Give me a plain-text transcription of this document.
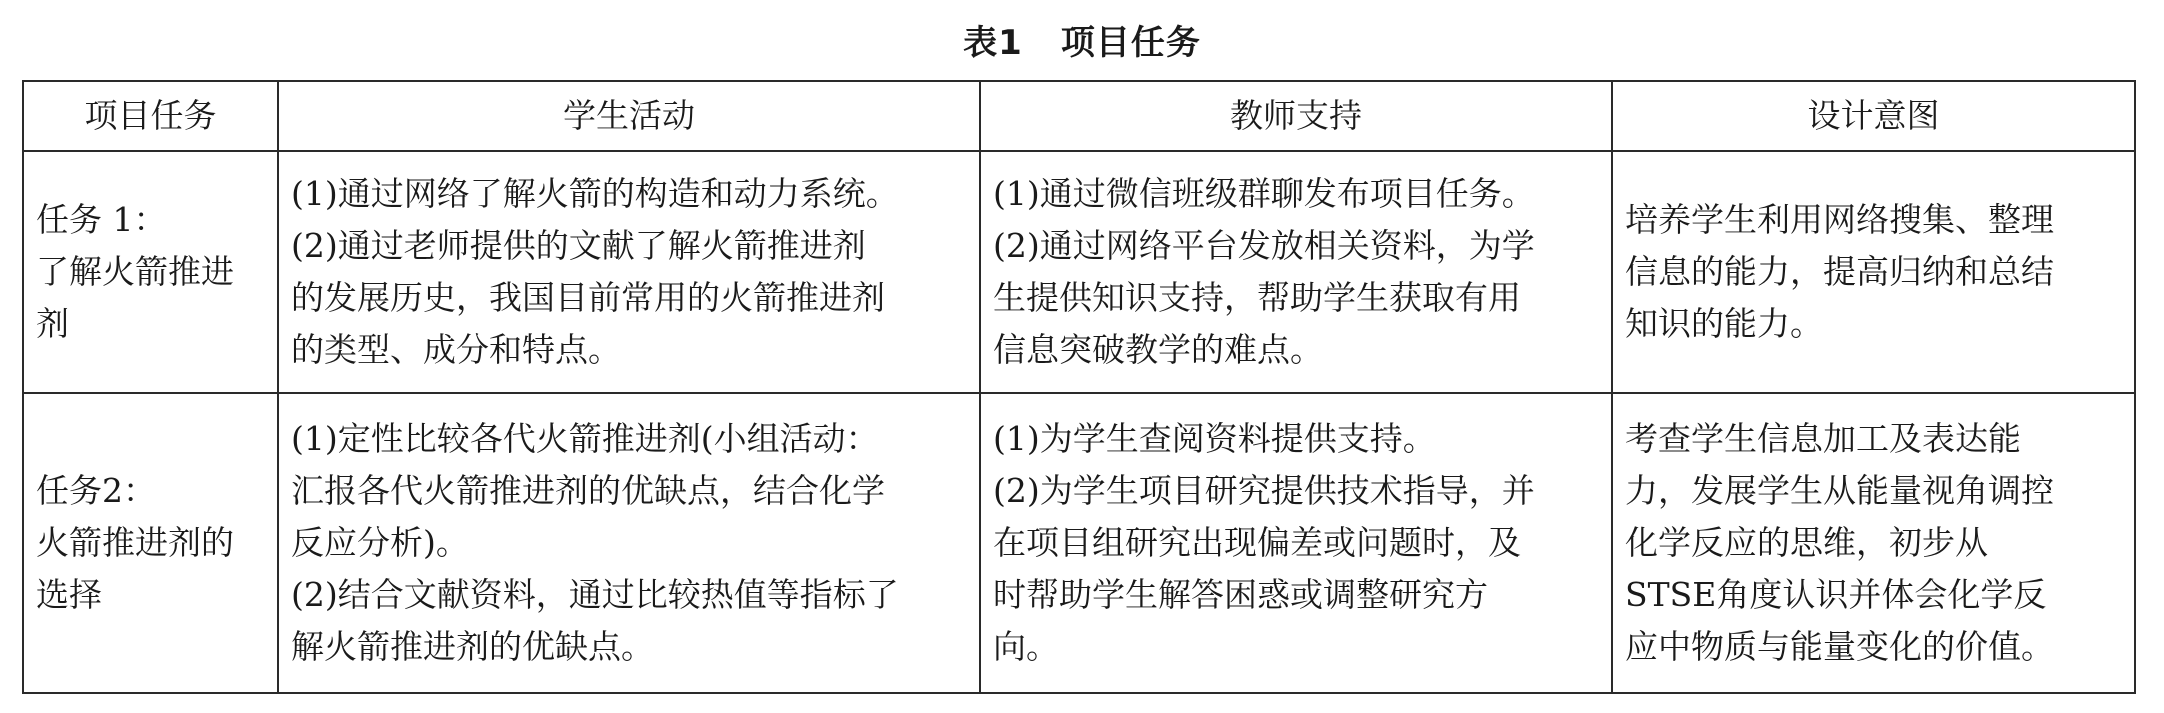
表1 项目任务
项目任务	学生活动	教师支持	设计意图

任务 1：
了解火箭推进
剂	(1)通过网络了解火箭的构造和动力系统。
(2)通过老师提供的文献了解火箭推进剂
的发展历史，我国目前常用的火箭推进剂
的类型、成分和特点。	(1)通过微信班级群聊发布项目任务。
(2)通过网络平台发放相关资料，为学
生提供知识支持，帮助学生获取有用
信息突破教学的难点。	培养学生利用网络搜集、整理
信息的能力，提高归纳和总结
知识的能力。

任务2：
火箭推进剂的
选择	(1)定性比较各代火箭推进剂(小组活动：
汇报各代火箭推进剂的优缺点，结合化学
反应分析)。
(2)结合文献资料，通过比较热值等指标了
解火箭推进剂的优缺点。	(1)为学生查阅资料提供支持。
(2)为学生项目研究提供技术指导，并
在项目组研究出现偏差或问题时，及
时帮助学生解答困惑或调整研究方
向。	考查学生信息加工及表达能
力，发展学生从能量视角调控
化学反应的思维，初步从
STSE角度认识并体会化学反
应中物质与能量变化的价值。
